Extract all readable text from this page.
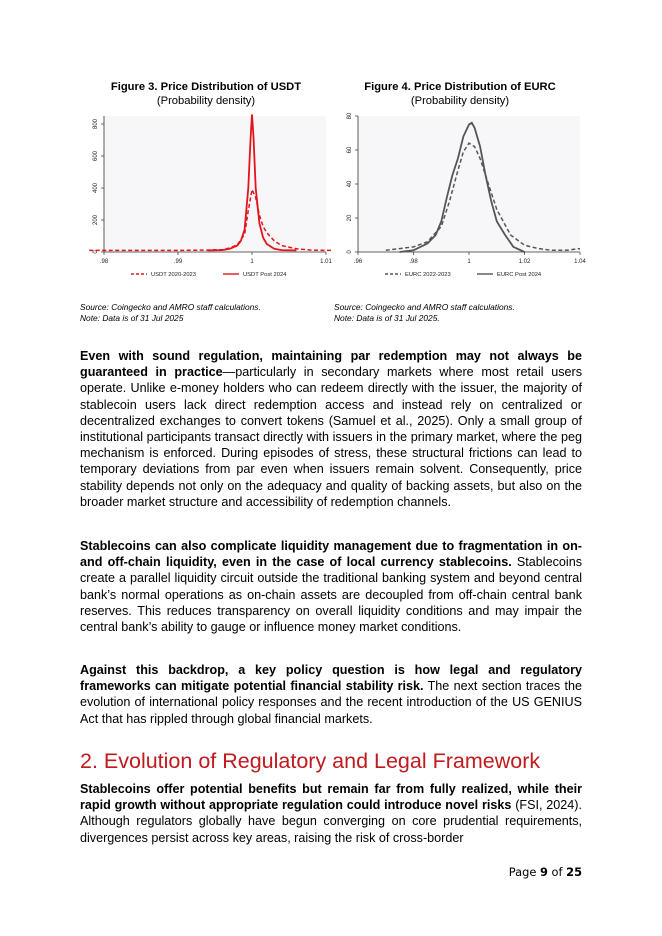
Figure 3. Price Distribution of USDT
(Probability density)
.98	.99	1	1.01
0
200
400
600
800
USDT 2020-2023	USDT Post 2024
Source: Coingecko and AMRO staff calculations.
Note: Data is of 31 Jul 2025
Figure 4. Price Distribution of EURC
(Probability density)
.96	.98	1	1.02	1.04
0
20
40
60
80
EURC 2022-2023	EURC Post 2024
Source: Coingecko and AMRO staff calculations.
Note: Data is of 31 Jul 2025.
Even with sound regulation, maintaining par redemption may not always be guaranteed in practice—particularly in secondary markets where most retail users operate. Unlike e-money holders who can redeem directly with the issuer, the majority of stablecoin users lack direct redemption access and instead rely on centralized or decentralized exchanges to convert tokens (Samuel et al., 2025). Only a small group of institutional participants transact directly with issuers in the primary market, where the peg mechanism is enforced. During episodes of stress, these structural frictions can lead to temporary deviations from par even when issuers remain solvent. Consequently, price stability depends not only on the adequacy and quality of backing assets, but also on the broader market structure and accessibility of redemption channels.
Stablecoins can also complicate liquidity management due to fragmentation in on- and off-chain liquidity, even in the case of local currency stablecoins. Stablecoins create a parallel liquidity circuit outside the traditional banking system and beyond central bank’s normal operations as on-chain assets are decoupled from off-chain central bank reserves. This reduces transparency on overall liquidity conditions and may impair the central bank’s ability to gauge or influence money market conditions.
Against this backdrop, a key policy question is how legal and regulatory frameworks can mitigate potential financial stability risk. The next section traces the evolution of international policy responses and the recent introduction of the US GENIUS Act that has rippled through global financial markets.
2. Evolution of Regulatory and Legal Framework
Stablecoins offer potential benefits but remain far from fully realized, while their rapid growth without appropriate regulation could introduce novel risks (FSI, 2024). Although regulators globally have begun converging on core prudential requirements, divergences persist across key areas, raising the risk of cross-border
Page 9 of 25
